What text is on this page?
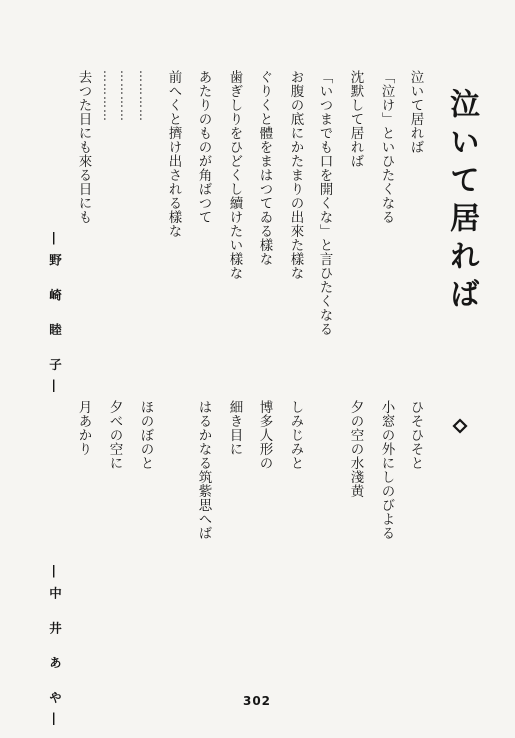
泣いて居れば
泣いて居れば
「泣け」といひたくなる
沈默して居れば
「いつまでも口を開くな」と言ひたくなる
お腹の底にかたまりの出來た樣な
ぐりくと體をまはつてゐる樣な
歯ぎしりをひどくし續けたい樣な
あたりのものが角ばつて
前へくと擠け出される樣な
…………
…………
…………
去つた日にも來る日にも
―野 崎 睦 子―
ひそひそと
小窓の外にしのびよる
夕の空の水淺黄
しみじみと
博多人形の
細き目に
はるかなる筑紫思へば
ほのぼのと
夕べの空に
月あかり
―中 井 あ や―	302
